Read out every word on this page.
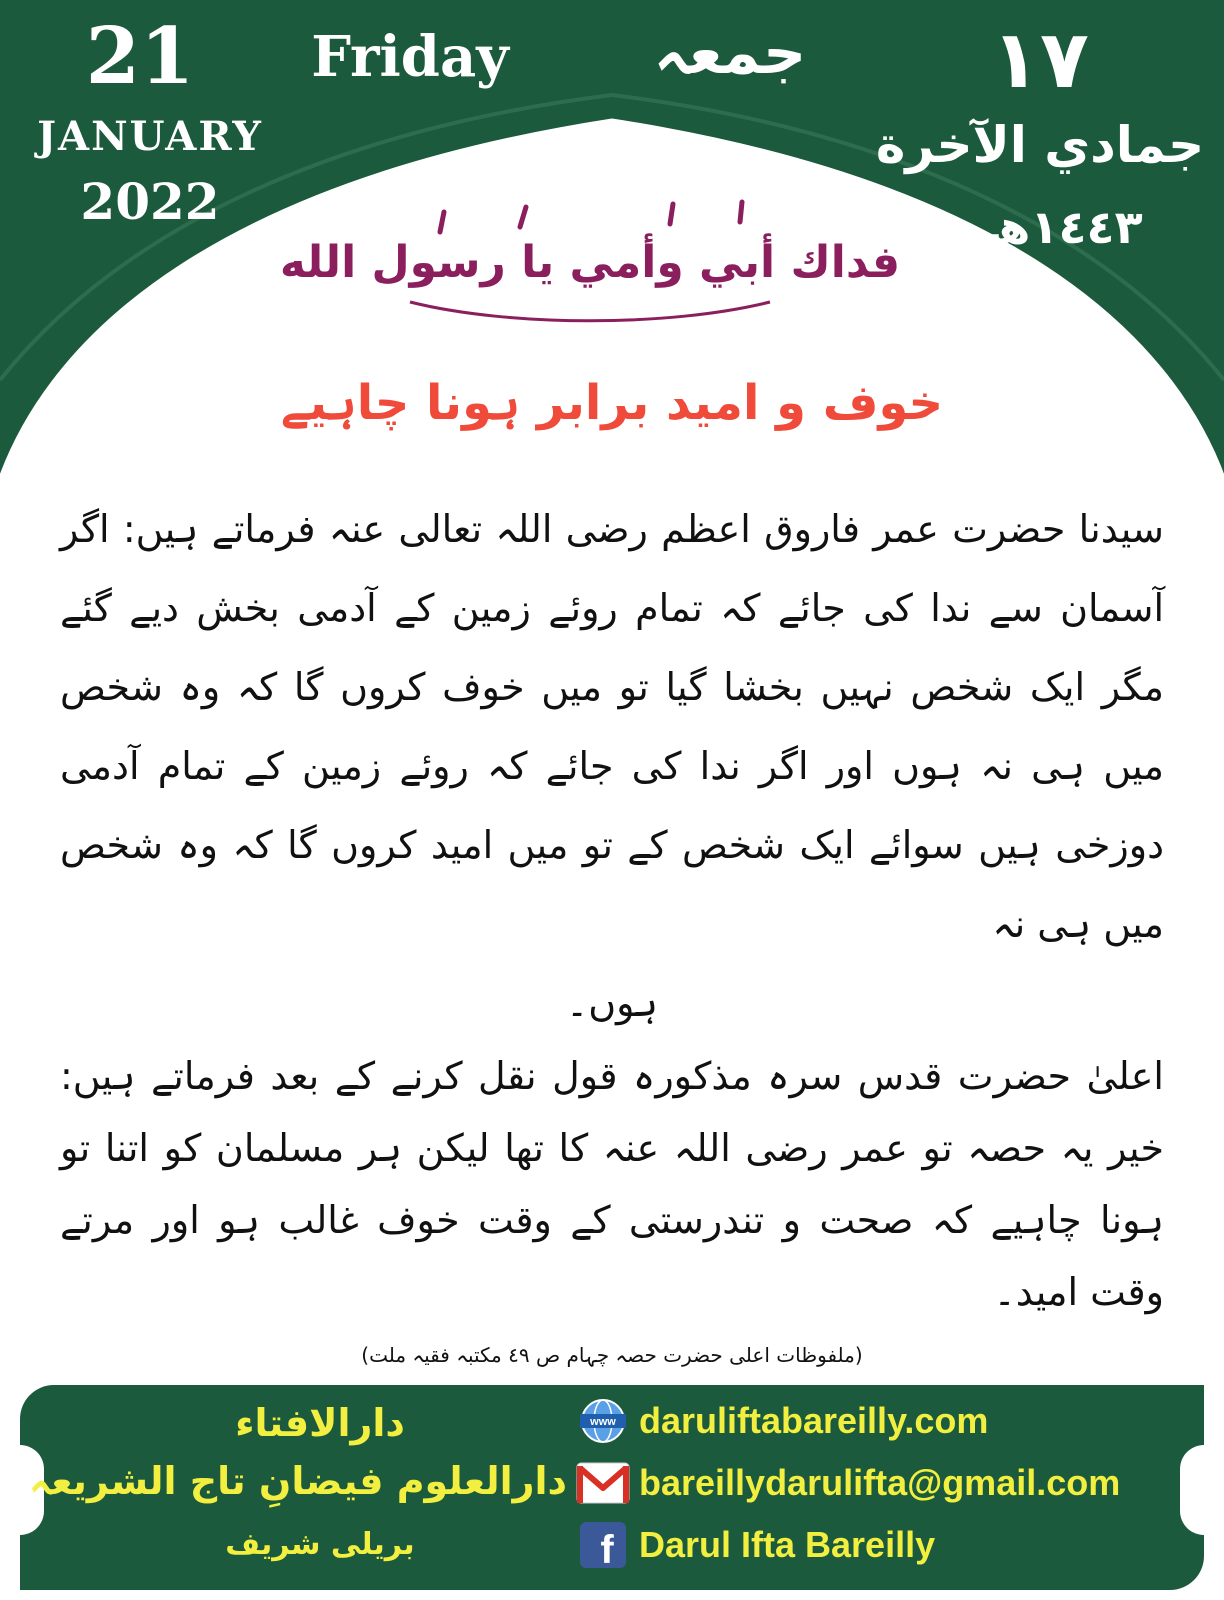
21
JANUARY
2022
Friday	جمعہ	١٧
جمادي الآخرة
١٤٤٣ھ
فداك أبي وأمي يا رسول الله
خوف و امید برابر ہونا چاہیے

سیدنا حضرت عمر فاروق اعظم رضی اللہ تعالی عنہ فرماتے ہیں: اگر آسمان سے ندا کی جائے کہ تمام روئے زمین کے آدمی بخش دیے گئے مگر ایک شخص نہیں بخشا گیا تو میں خوف کروں گا کہ وہ شخص میں ہی نہ ہوں اور اگر ندا کی جائے کہ روئے زمین کے تمام آدمی دوزخی ہیں سوائے ایک شخص کے تو میں امید کروں گا کہ وہ شخص میں ہی نہ

ہوں۔

اعلیٰ حضرت قدس سرہ مذکورہ قول نقل کرنے کے بعد فرماتے ہیں: خیر یہ حصہ تو عمر رضی اللہ عنہ کا تھا لیکن ہر مسلمان کو اتنا تو ہونا چاہیے کہ صحت و تندرستی کے وقت خوف غالب ہو اور مرتے وقت امید۔

(ملفوظات اعلی حضرت حصہ چہام ص ٤٩ مکتبہ فقیہ ملت)
دارالافتاء
دارالعلوم فیضانِ تاج الشریعہ
بریلی شریف
www daruliftabareilly.com
bareillydarulifta@gmail.com
f Darul Ifta Bareilly
